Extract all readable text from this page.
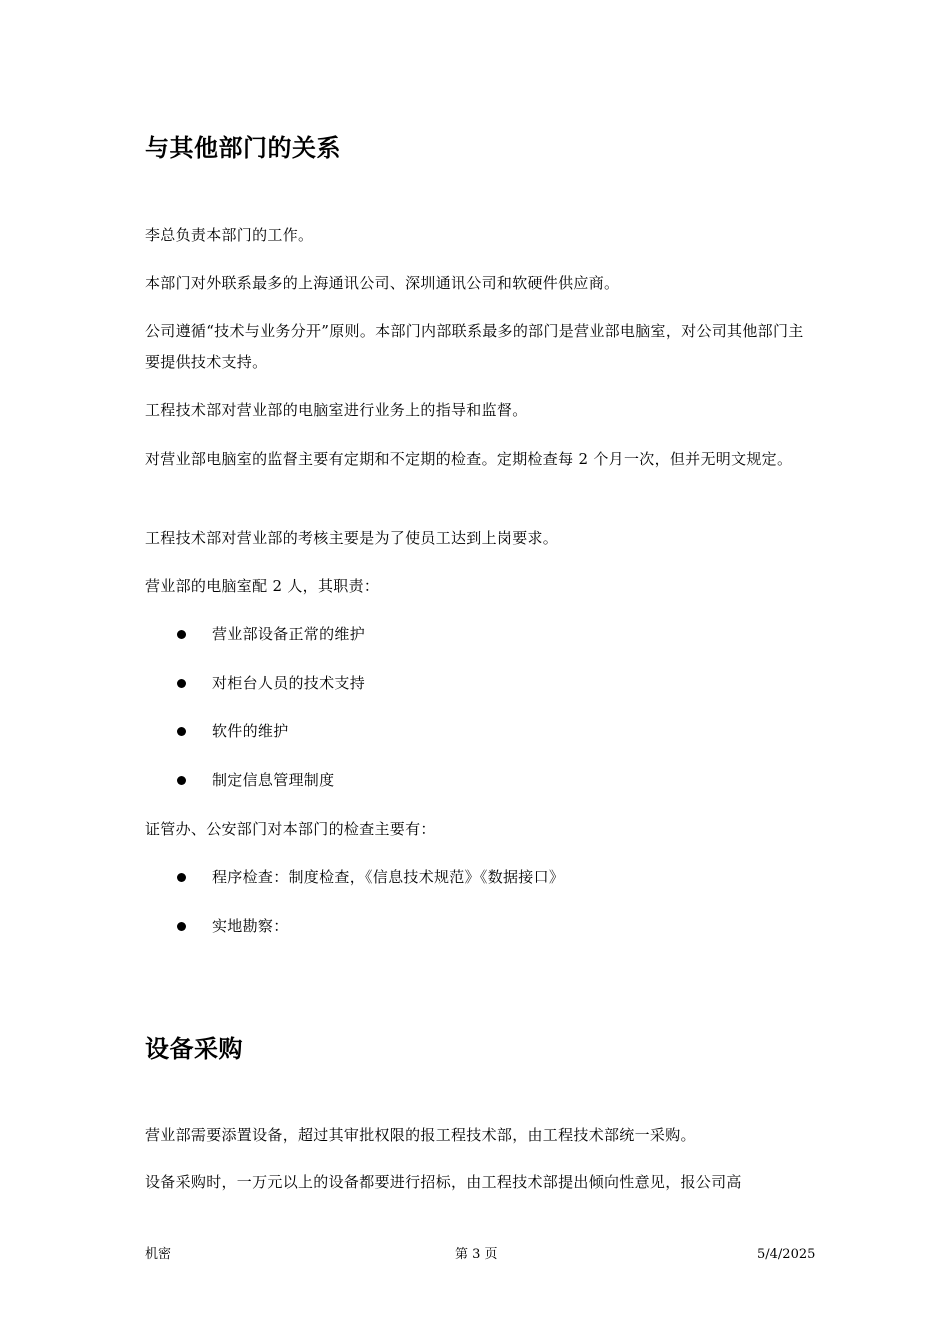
与其他部门的关系

李总负责本部门的工作。

本部门对外联系最多的上海通讯公司、深圳通讯公司和软硬件供应商。

公司遵循“技术与业务分开”原则。本部门内部联系最多的部门是营业部电脑室，对公司其他部门主要提供技术支持。

工程技术部对营业部的电脑室进行业务上的指导和监督。

对营业部电脑室的监督主要有定期和不定期的检查。定期检查每 2 个月一次，但并无明文规定。

工程技术部对营业部的考核主要是为了使员工达到上岗要求。

营业部的电脑室配 2 人，其职责：

营业部设备正常的维护
对柜台人员的技术支持
软件的维护
制定信息管理制度

证管办、公安部门对本部门的检查主要有：

程序检查：制度检查，《信息技术规范》《数据接口》
实地勘察：
设备采购

营业部需要添置设备，超过其审批权限的报工程技术部，由工程技术部统一采购。

设备采购时，一万元以上的设备都要进行招标，由工程技术部提出倾向性意见，报公司高

机密	第 3 页	5/4/2025
